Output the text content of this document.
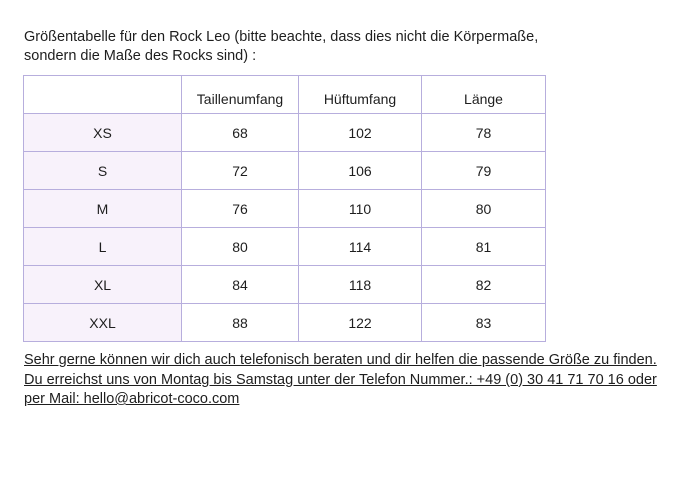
Größentabelle für den Rock Leo (bitte beachte, dass dies nicht die Körpermaße,
sondern die Maße des Rocks sind) :

	Taillenumfang	Hüftumfang	Länge
XS	68	102	78
S	72	106	79
M	76	110	80
L	80	114	81
XL	84	118	82
XXL	88	122	83

Sehr gerne können wir dich auch telefonisch beraten und dir helfen die passende Größe zu finden.
Du erreichst uns von Montag bis Samstag unter der Telefon Nummer.: +49 (0) 30 41 71 70 16 oder
per Mail: hello@abricot-coco.com
